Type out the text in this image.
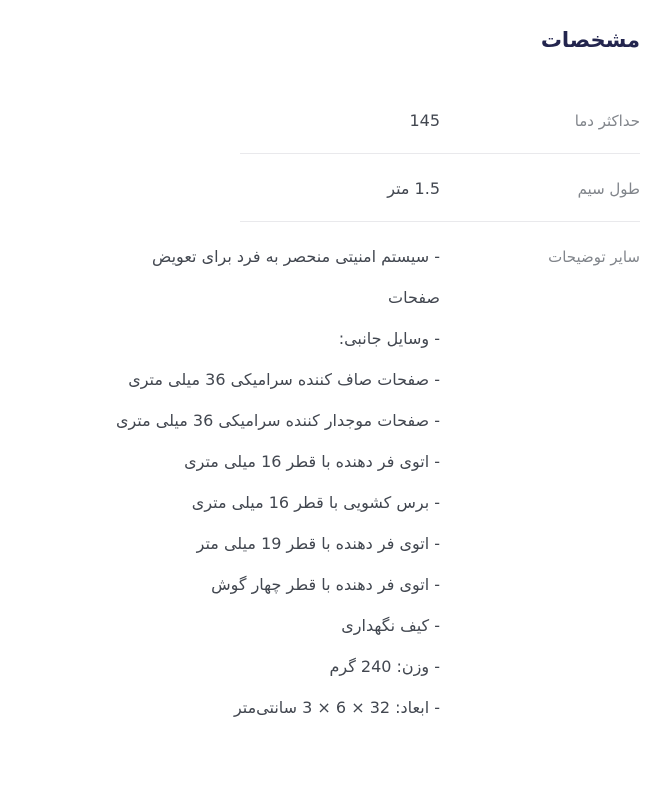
مشخصات
حداکثر دما
145
طول سیم
1.5 متر
سایر توضیحات
- سیستم امنیتی منحصر به فرد برای تعویض
صفحات
- وسایل جانبی:
- صفحات صاف کننده سرامیکی 36 میلی متری
- صفحات موجدار کننده سرامیکی 36 میلی متری
- اتوی فر دهنده با قطر 16 میلی متری
- برس کشویی با قطر 16 میلی متری
- اتوی فر دهنده با قطر 19 میلی متر
- اتوی فر دهنده با قطر چهار گوش
- کیف نگهداری
- وزن: 240 گرم
- ابعاد: 32 × 6 × 3 سانتی‌متر
